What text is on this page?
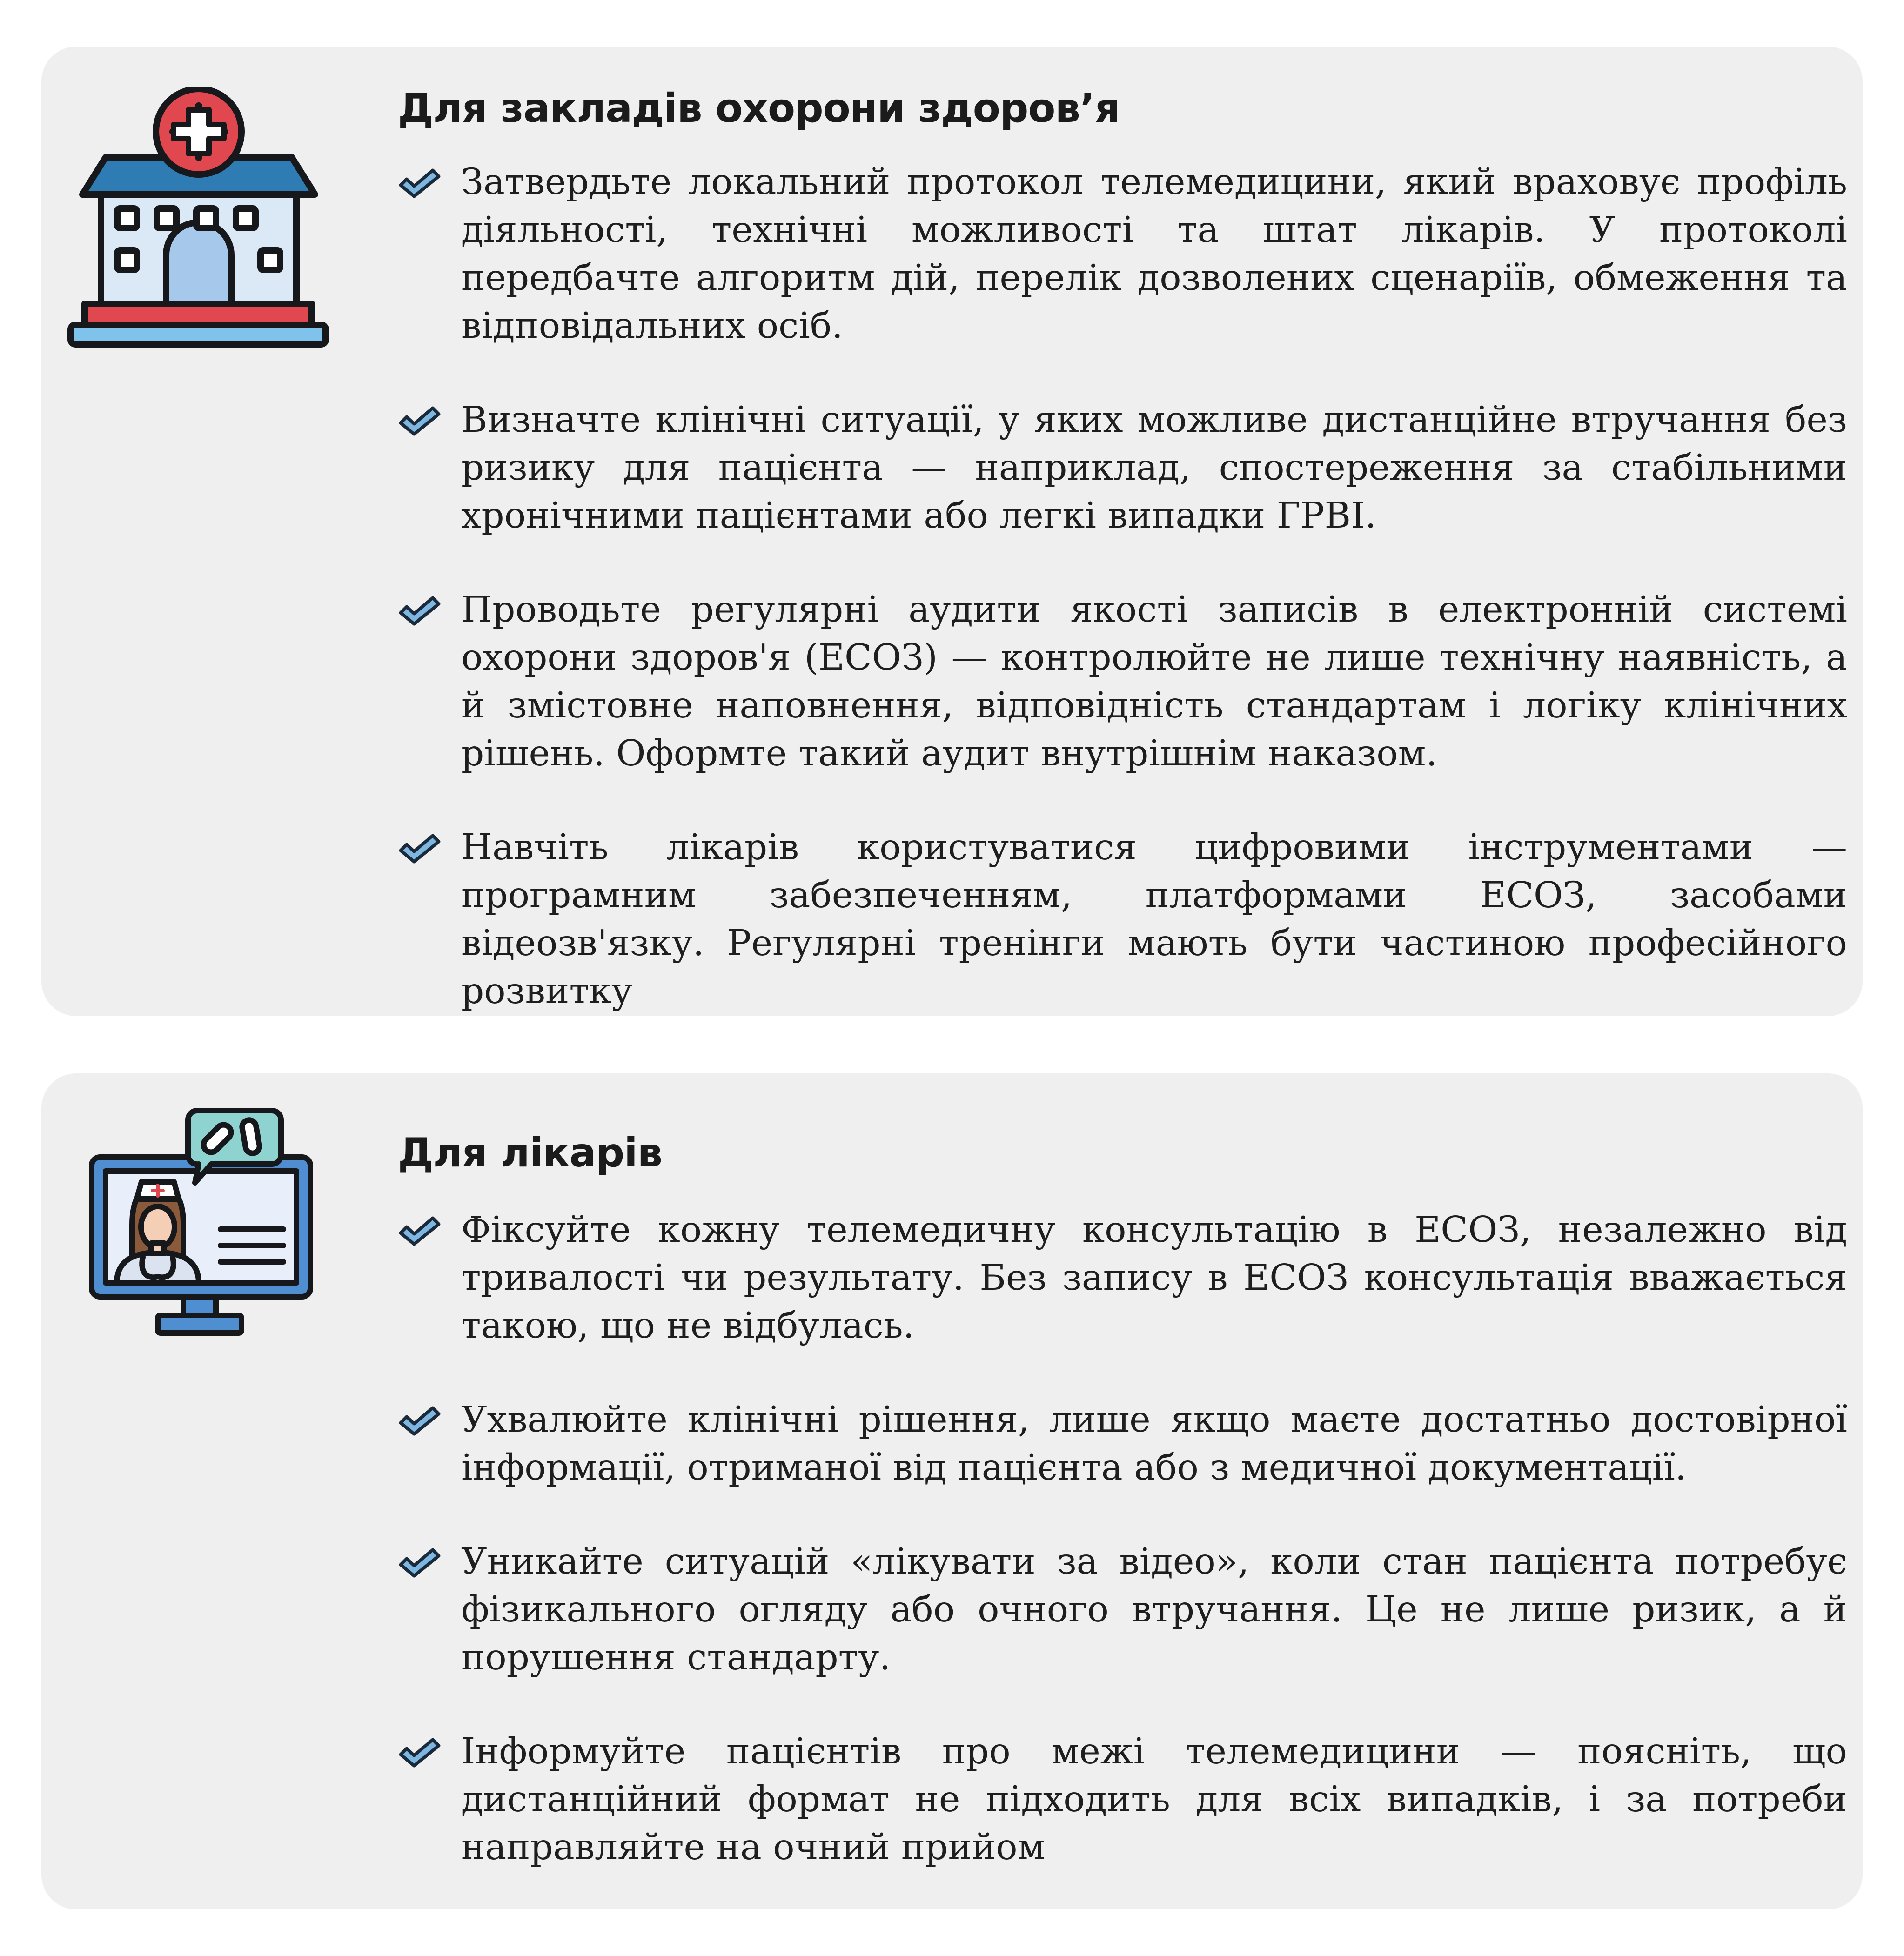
Для закладів охорони здоров’я
Затвердьте локальний протокол телемедицини, який враховує профіль діяльності, технічні можливості та штат лікарів. У протоколі передбачте алгоритм дій, перелік дозволених сценаріїв, обмеження та відповідальних осіб.
Визначте клінічні ситуації, у яких можливе дистанційне втручання без ризику для пацієнта — наприклад, спостереження за стабільними хронічними пацієнтами або легкі випадки ГРВІ.
Проводьте регулярні аудити якості записів в електронній системі охорони здоров'я (ЕСОЗ) — контролюйте не лише технічну наявність, а й змістовне наповнення, відповідність стандартам і логіку клінічних рішень. Оформте такий аудит внутрішнім наказом.
Навчіть лікарів користуватися цифровими інструментами — програмним забезпеченням, платформами ЕСОЗ, засобами відеозв'язку. Регулярні тренінги мають бути частиною професійного розвитку
Для лікарів
Фіксуйте кожну телемедичну консультацію в ЕСОЗ, незалежно від тривалості чи результату. Без запису в ЕСОЗ консультація вважається такою, що не відбулась.
Ухвалюйте клінічні рішення, лише якщо маєте достатньо достовірної інформації, отриманої від пацієнта або з медичної документації.
Уникайте ситуацій «лікувати за відео», коли стан пацієнта потребує фізикального огляду або очного втручання. Це не лише ризик, а й порушення стандарту.
Інформуйте пацієнтів про межі телемедицини — поясніть, що дистанційний формат не підходить для всіх випадків, і за потреби направляйте на очний прийом
